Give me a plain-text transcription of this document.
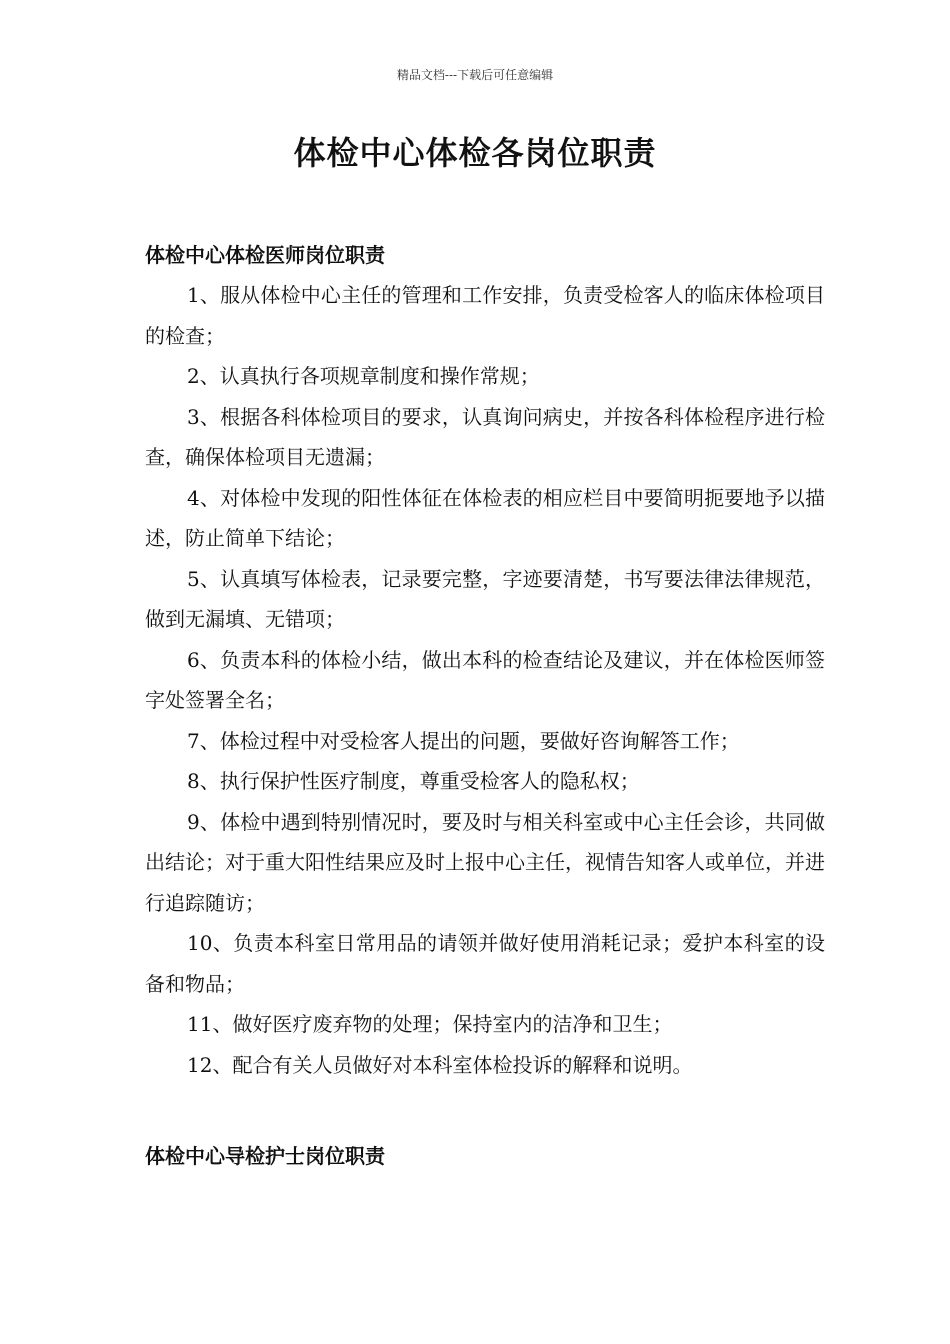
精品文档---下载后可任意编辑
体检中心体检各岗位职责
体检中心体检医师岗位职责

1、服从体检中心主任的管理和工作安排，负责受检客人的临床体检项目的检查；

2、认真执行各项规章制度和操作常规；

3、根据各科体检项目的要求，认真询问病史，并按各科体检程序进行检查，确保体检项目无遗漏；

4、对体检中发现的阳性体征在体检表的相应栏目中要简明扼要地予以描述，防止简单下结论；

5、认真填写体检表，记录要完整，字迹要清楚，书写要法律法律规范，做到无漏填、无错项；

6、负责本科的体检小结，做出本科的检查结论及建议，并在体检医师签字处签署全名；

7、体检过程中对受检客人提出的问题，要做好咨询解答工作；

8、执行保护性医疗制度，尊重受检客人的隐私权；

9、体检中遇到特别情况时，要及时与相关科室或中心主任会诊，共同做出结论；对于重大阳性结果应及时上报中心主任，视情告知客人或单位，并进行追踪随访；

10、负责本科室日常用品的请领并做好使用消耗记录；爱护本科室的设备和物品；

11、做好医疗废弃物的处理；保持室内的洁净和卫生；

12、配合有关人员做好对本科室体检投诉的解释和说明。

体检中心导检护士岗位职责
